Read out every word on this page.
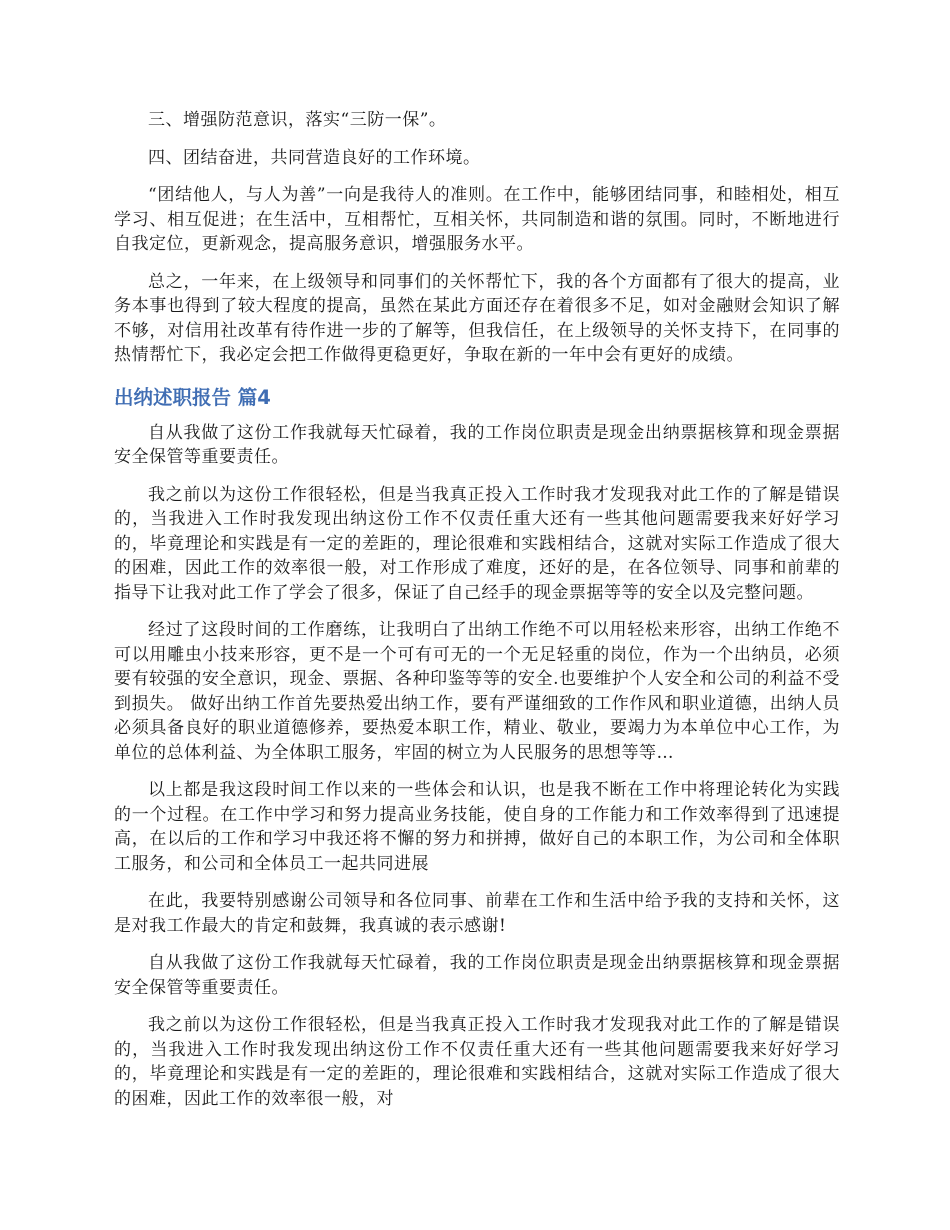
三、增强防范意识，落实“三防一保”。

四、团结奋进，共同营造良好的工作环境。

“团结他人，与人为善”一向是我待人的准则。在工作中，能够团结同事，和睦相处，相互学习、相互促进；在生活中，互相帮忙，互相关怀，共同制造和谐的氛围。同时，不断地进行自我定位，更新观念，提高服务意识，增强服务水平。

总之，一年来，在上级领导和同事们的关怀帮忙下，我的各个方面都有了很大的提高，业务本事也得到了较大程度的提高，虽然在某此方面还存在着很多不足，如对金融财会知识了解不够，对信用社改革有待作进一步的了解等，但我信任，在上级领导的关怀支持下，在同事的热情帮忙下，我必定会把工作做得更稳更好，争取在新的一年中会有更好的成绩。

出纳述职报告 篇4

自从我做了这份工作我就每天忙碌着，我的工作岗位职责是现金出纳票据核算和现金票据安全保管等重要责任。

我之前以为这份工作很轻松，但是当我真正投入工作时我才发现我对此工作的了解是错误的，当我进入工作时我发现出纳这份工作不仅责任重大还有一些其他问题需要我来好好学习的，毕竟理论和实践是有一定的差距的，理论很难和实践相结合，这就对实际工作造成了很大的困难，因此工作的效率很一般，对工作形成了难度，还好的是，在各位领导、同事和前辈的指导下让我对此工作了学会了很多，保证了自己经手的现金票据等等的安全以及完整问题。

经过了这段时间的工作磨练，让我明白了出纳工作绝不可以用轻松来形容，出纳工作绝不可以用雕虫小技来形容，更不是一个可有可无的一个无足轻重的岗位，作为一个出纳员，必须要有较强的安全意识，现金、票据、各种印鉴等等的安全.也要维护个人安全和公司的利益不受到损失。 做好出纳工作首先要热爱出纳工作，要有严谨细致的工作作风和职业道德，出纳人员必须具备良好的职业道德修养，要热爱本职工作，精业、敬业，要竭力为本单位中心工作，为单位的总体利益、为全体职工服务，牢固的树立为人民服务的思想等等…

以上都是我这段时间工作以来的一些体会和认识，也是我不断在工作中将理论转化为实践的一个过程。在工作中学习和努力提高业务技能，使自身的工作能力和工作效率得到了迅速提高，在以后的工作和学习中我还将不懈的努力和拼搏，做好自己的本职工作，为公司和全体职工服务，和公司和全体员工一起共同进展

在此，我要特别感谢公司领导和各位同事、前辈在工作和生活中给予我的支持和关怀，这是对我工作最大的肯定和鼓舞，我真诚的表示感谢!

自从我做了这份工作我就每天忙碌着，我的工作岗位职责是现金出纳票据核算和现金票据安全保管等重要责任。

我之前以为这份工作很轻松，但是当我真正投入工作时我才发现我对此工作的了解是错误的，当我进入工作时我发现出纳这份工作不仅责任重大还有一些其他问题需要我来好好学习的，毕竟理论和实践是有一定的差距的，理论很难和实践相结合，这就对实际工作造成了很大的困难，因此工作的效率很一般，对
